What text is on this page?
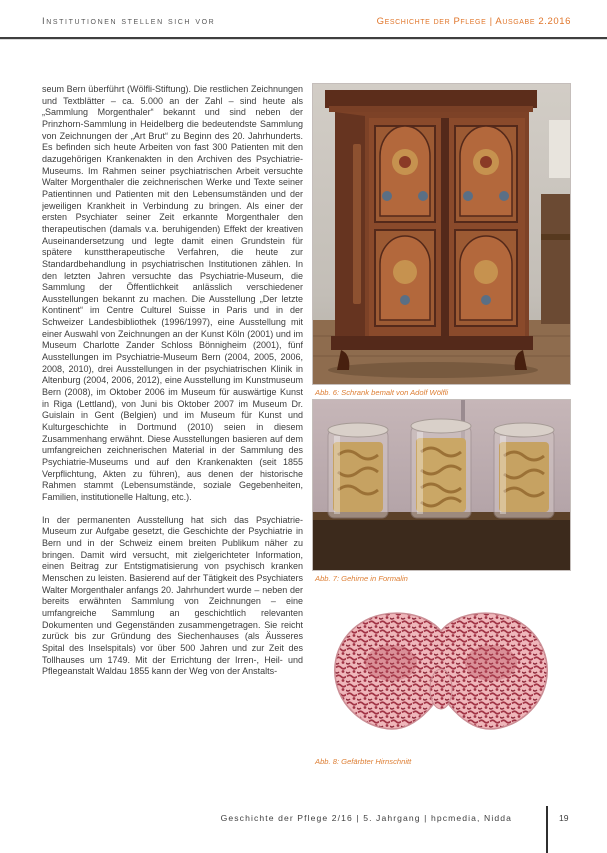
Institutionen stellen sich vor	Geschichte der Pflege | Ausgabe 2.2016

seum Bern überführt (Wölfli-Stiftung). Die restlichen Zeichnungen und Textblätter – ca. 5.000 an der Zahl – sind heute als „Sammlung Morgenthaler“ bekannt und sind neben der Prinzhorn-Sammlung in Heidelberg die bedeutendste Sammlung von Zeichnungen der „Art Brut“ zu Beginn des 20. Jahrhunderts. Es befinden sich heute Arbeiten von fast 300 Patienten mit den dazugehörigen Krankenakten in den Archiven des Psychiatrie-Museums. Im Rahmen seiner psychiatrischen Arbeit versuchte Walter Morgenthaler die zeichnerischen Werke und Texte seiner Patientinnen und Patienten mit den Lebensumständen und der jeweiligen Krankheit in Verbindung zu bringen. Als einer der ersten Psychiater seiner Zeit erkannte Morgenthaler den therapeutischen (damals v.a. beruhigenden) Effekt der kreativen Auseinandersetzung und legte damit einen Grundstein für spätere kunsttherapeutische Verfahren, die heute zur Standardbehandlung in psychiatrischen Institutionen zählen. In den letzten Jahren versuchte das Psychiatrie-Museum, die Sammlung der Öffentlichkeit anlässlich verschiedener Ausstellungen bekannt zu machen. Die Ausstellung „Der letzte Kontinent“ im Centre Culturel Suisse in Paris und in der Schweizer Landesbibliothek (1996/1997), eine Ausstellung mit einer Auswahl von Zeichnungen an der Kunst Köln (2001) und im Museum Charlotte Zander Schloss Bönnigheim (2001), fünf Ausstellungen im Psychiatrie-Museum Bern (2004, 2005, 2006, 2008, 2010), drei Ausstellungen in der psychiatrischen Klinik in Altenburg (2004, 2006, 2012), eine Ausstellung im Kunstmuseum Bern (2008), im Oktober 2006 im Museum für auswärtige Kunst in Riga (Lettland), von Juni bis Oktober 2007 im Museum Dr. Guislain in Gent (Belgien) und im Museum für Kunst und Kulturgeschichte in Dortmund (2010) seien in diesem Zusammenhang erwähnt. Diese Ausstellungen basieren auf dem umfangreichen zeichnerischen Material in der Sammlung des Psychiatrie-Museums und auf den Krankenakten (seit 1855 Verpflichtung, Akten zu führen), aus denen der historische Rahmen stammt (Lebensumstände, soziale Gegebenheiten, Familien, institutionelle Haltung, etc.).

In der permanenten Ausstellung hat sich das Psychiatrie-Museum zur Aufgabe gesetzt, die Geschichte der Psychiatrie in Bern und in der Schweiz einem breiten Publikum näher zu bringen. Damit wird versucht, mit zielgerichteter Information, einen Beitrag zur Entstigmatisierung von psychisch kranken Menschen zu leisten. Basierend auf der Tätigkeit des Psychiaters Walter Morgenthaler anfangs 20. Jahrhundert wurde – neben der bereits erwähnten Sammlung von Zeichnungen – eine umfangreiche Sammlung an geschichtlich relevanten Dokumenten und Gegenständen zusammengetragen. Sie reicht zurück bis zur Gründung des Siechenhauses (als Äusseres Spital des Inselspitals) vor über 500 Jahren und zur Zeit des Tollhauses um 1749. Mit der Errichtung der Irren-, Heil- und Pflegeanstalt Waldau 1855 kann der Weg von der Anstalts-

Abb. 6: Schrank bemalt von Adolf Wölfli
Abb. 7: Gehirne in Formalin
Abb. 8: Gefärbter Hirnschnitt
Geschichte der Pflege 2/16 | 5. Jahrgang | hpcmedia, Nidda	19
